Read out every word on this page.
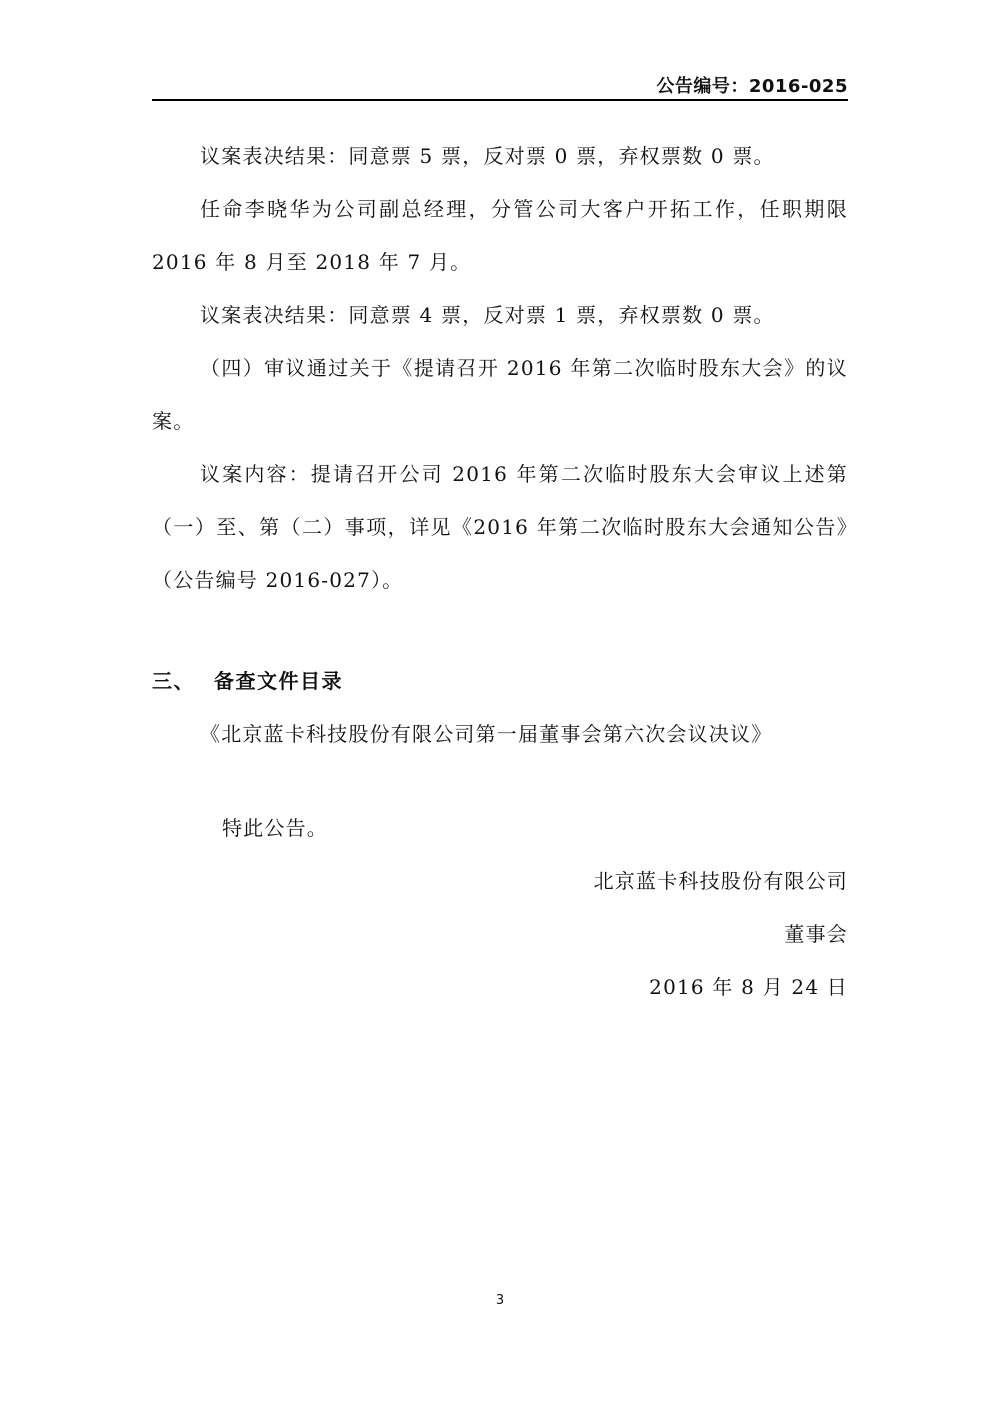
公告编号：2016-025

议案表决结果：同意票 5 票，反对票 0 票，弃权票数 0 票。

任命李晓华为公司副总经理，分管公司大客户开拓工作，任职期限 2016 年 8 月至 2018 年 7 月。

议案表决结果：同意票 4 票，反对票 1 票，弃权票数 0 票。

（四）审议通过关于《提请召开 2016 年第二次临时股东大会》的议案。

议案内容：提请召开公司 2016 年第二次临时股东大会审议上述第（一）至、第（二）事项，详见《2016 年第二次临时股东大会通知公告》（公告编号 2016-027）。

三、 备查文件目录

《北京蓝卡科技股份有限公司第一届董事会第六次会议决议》

特此公告。
北京蓝卡科技股份有限公司
董事会
2016 年 8 月 24 日
3
